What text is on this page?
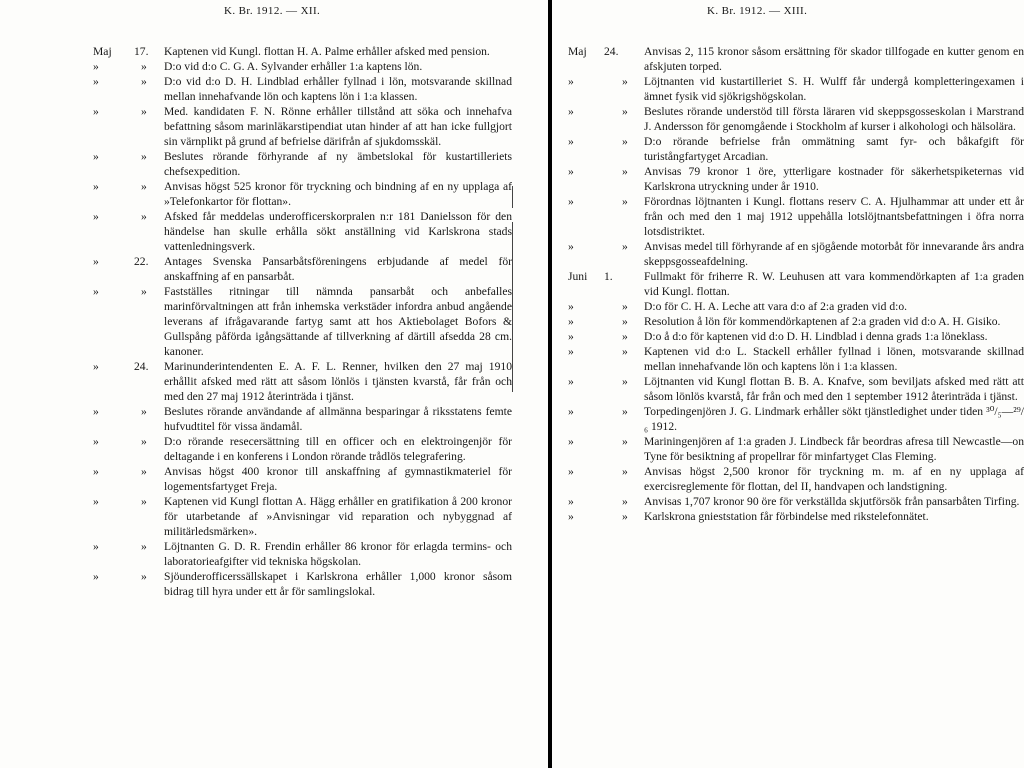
K. Br. 1912. — XII.
Maj 17. Kaptenen vid Kungl. flottan H. A. Palme erhåller afsked med pension.
»	» D:o vid d:o C. G. A. Sylvander erhåller 1:a kaptens lön.
»	» D:o vid d:o D. H. Lindblad erhåller fyllnad i lön, motsvarande skillnad mellan innehafvande lön och kaptens lön i 1:a klassen.
»	» Med. kandidaten F. N. Rönne erhåller tillstånd att söka och innehafva befattning såsom marinläkarstipendiat utan hinder af att han icke fullgjort sin värnplikt på grund af befrielse därifrån af sjukdomsskäl.
»	» Beslutes rörande förhyrande af ny ämbetslokal för kustartilleriets chefsexpedition.
»	» Anvisas högst 525 kronor för tryckning och bindning af en ny upplaga af »Telefonkartor för flottan».
»	» Afsked får meddelas underofficerskorpralen n:r 181 Danielsson för den händelse han skulle erhålla sökt anställning vid Karlskrona stads vattenledningsverk.
»	22. Antages Svenska Pansarbåtsföreningens erbjudande af medel för anskaffning af en pansarbåt.
»	» Fastställes ritningar till nämnda pansarbåt och anbefalles marinförvaltningen att från inhemska verkstäder infordra anbud angående leverans af ifrågavarande fartyg samt att hos Aktiebolaget Bofors & Gullspång påförda igångsättande af tillverkning af därtill afsedda 28 cm. kanoner.
»	24. Marinunderintendenten E. A. F. L. Renner, hvilken den 27 maj 1910 erhållit afsked med rätt att såsom lönlös i tjänsten kvarstå, får från och med den 27 maj 1912 återinträda i tjänst.
»	» Beslutes rörande användande af allmänna besparingar å riksstatens femte hufvudtitel för vissa ändamål.
»	» D:o rörande resecersättning till en officer och en elektroingenjör för deltagande i en konferens i London rörande trådlös telegrafering.
»	» Anvisas högst 400 kronor till anskaffning af gymnastikmateriel för logementsfartyget Freja.
»	» Kaptenen vid Kungl flottan A. Hägg erhåller en gratifikation å 200 kronor för utarbetande af »Anvisningar vid reparation och nybyggnad af militärledsmärken».
»	» Löjtnanten G. D. R. Frendin erhåller 86 kronor för erlagda termins- och laboratorieafgifter vid tekniska högskolan.
»	» Sjöunderofficerssällskapet i Karlskrona erhåller 1,000 kronor såsom bidrag till hyra under ett år för samlingslokal.
K. Br. 1912. — XIII.
Maj 24. Anvisas 2, 115 kronor såsom ersättning för skador tillfogade en kutter genom en afskjuten torped.
»	» Löjtnanten vid kustartilleriet S. H. Wulff får undergå kompletteringexamen i ämnet fysik vid sjökrigshögskolan.
»	» Beslutes rörande understöd till första läraren vid skeppsgosseskolan i Marstrand J. Andersson för genomgående i Stockholm af kurser i alkohologi och hälsolära.
»	» D:o rörande befrielse från ommätning samt fyr- och båkafgift för turistångfartyget Arcadian.
»	» Anvisas 79 kronor 1 öre, ytterligare kostnader för säkerhetspiketernas vid Karlskrona utryckning under år 1910.
»	» Förordnas löjtnanten i Kungl. flottans reserv C. A. Hjulhammar att under ett år från och med den 1 maj 1912 uppehålla lotslöjtnantsbefattningen i öfra norra lotsdistriktet.
»	» Anvisas medel till förhyrande af en sjögående motorbåt för innevarande års andra skeppsgosseafdelning.
Juni 1.	Fullmakt för friherre R. W. Leuhusen att vara kommendörkapten af 1:a graden vid Kungl. flottan.
»	» D:o för C. H. A. Leche att vara d:o af 2:a graden vid d:o.
»	» Resolution å lön för kommendörkaptenen af 2:a graden vid d:o A. H. Gisiko.
»	» D:o å d:o för kaptenen vid d:o D. H. Lindblad i denna grads 1:a löneklass.
»	» Kaptenen vid d:o L. Stackell erhåller fyllnad i lönen, motsvarande skillnad mellan innehafvande lön och kaptens lön i 1:a klassen.
»	» Löjtnanten vid Kungl flottan B. B. A. Knafve, som beviljats afsked med rätt att såsom lönlös kvarstå, får från och med den 1 september 1912 återinträda i tjänst.
»	» Torpedingenjören J. G. Lindmark erhåller sökt tjänstledighet under tiden ³⁰/₅—²⁹/₆ 1912.
»	» Mariningenjören af 1:a graden J. Lindbeck får beordras afresa till Newcastle—on Tyne för besiktning af propellrar för minfartyget Clas Fleming.
»	» Anvisas högst 2,500 kronor för tryckning m. m. af en ny upplaga af exercisreglemente för flottan, del II, handvapen och landstigning.
»	» Anvisas 1,707 kronor 90 öre för verkställda skjutförsök från pansarbåten Tirfing.
»	» Karlskrona gnieststation får förbindelse med rikstelefonnätet.
